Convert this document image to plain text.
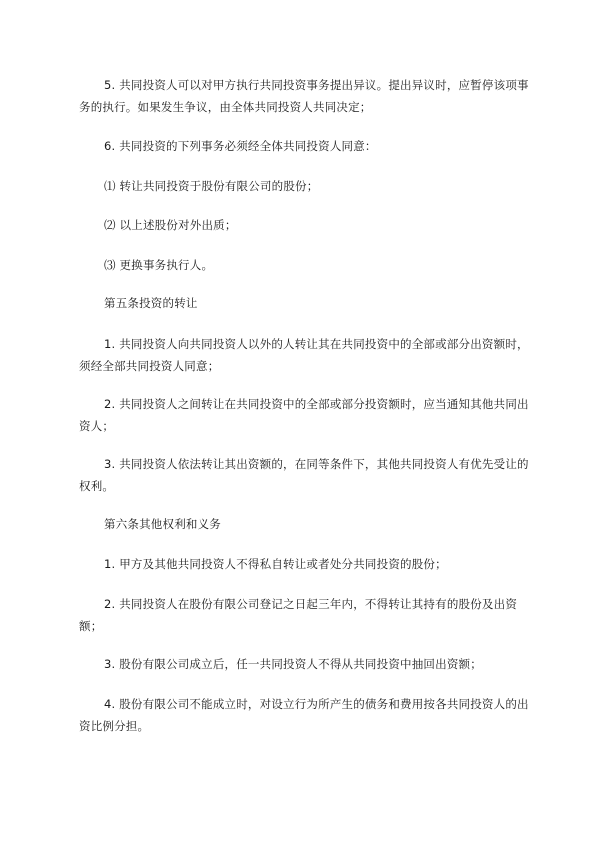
5. 共同投资人可以对甲方执行共同投资事务提出异议。提出异议时，应暂停该项事务的执行。如果发生争议，由全体共同投资人共同决定；

6. 共同投资的下列事务必须经全体共同投资人同意：

⑴ 转让共同投资于股份有限公司的股份；

⑵ 以上述股份对外出质；

⑶ 更换事务执行人。

第五条投资的转让

1. 共同投资人向共同投资人以外的人转让其在共同投资中的全部或部分出资额时，须经全部共同投资人同意；

2. 共同投资人之间转让在共同投资中的全部或部分投资额时，应当通知其他共同出资人；

3. 共同投资人依法转让其出资额的，在同等条件下，其他共同投资人有优先受让的权利。

第六条其他权利和义务

1. 甲方及其他共同投资人不得私自转让或者处分共同投资的股份；

2. 共同投资人在股份有限公司登记之日起三年内，不得转让其持有的股份及出资额；

3. 股份有限公司成立后，任一共同投资人不得从共同投资中抽回出资额；

4. 股份有限公司不能成立时，对设立行为所产生的债务和费用按各共同投资人的出资比例分担。
